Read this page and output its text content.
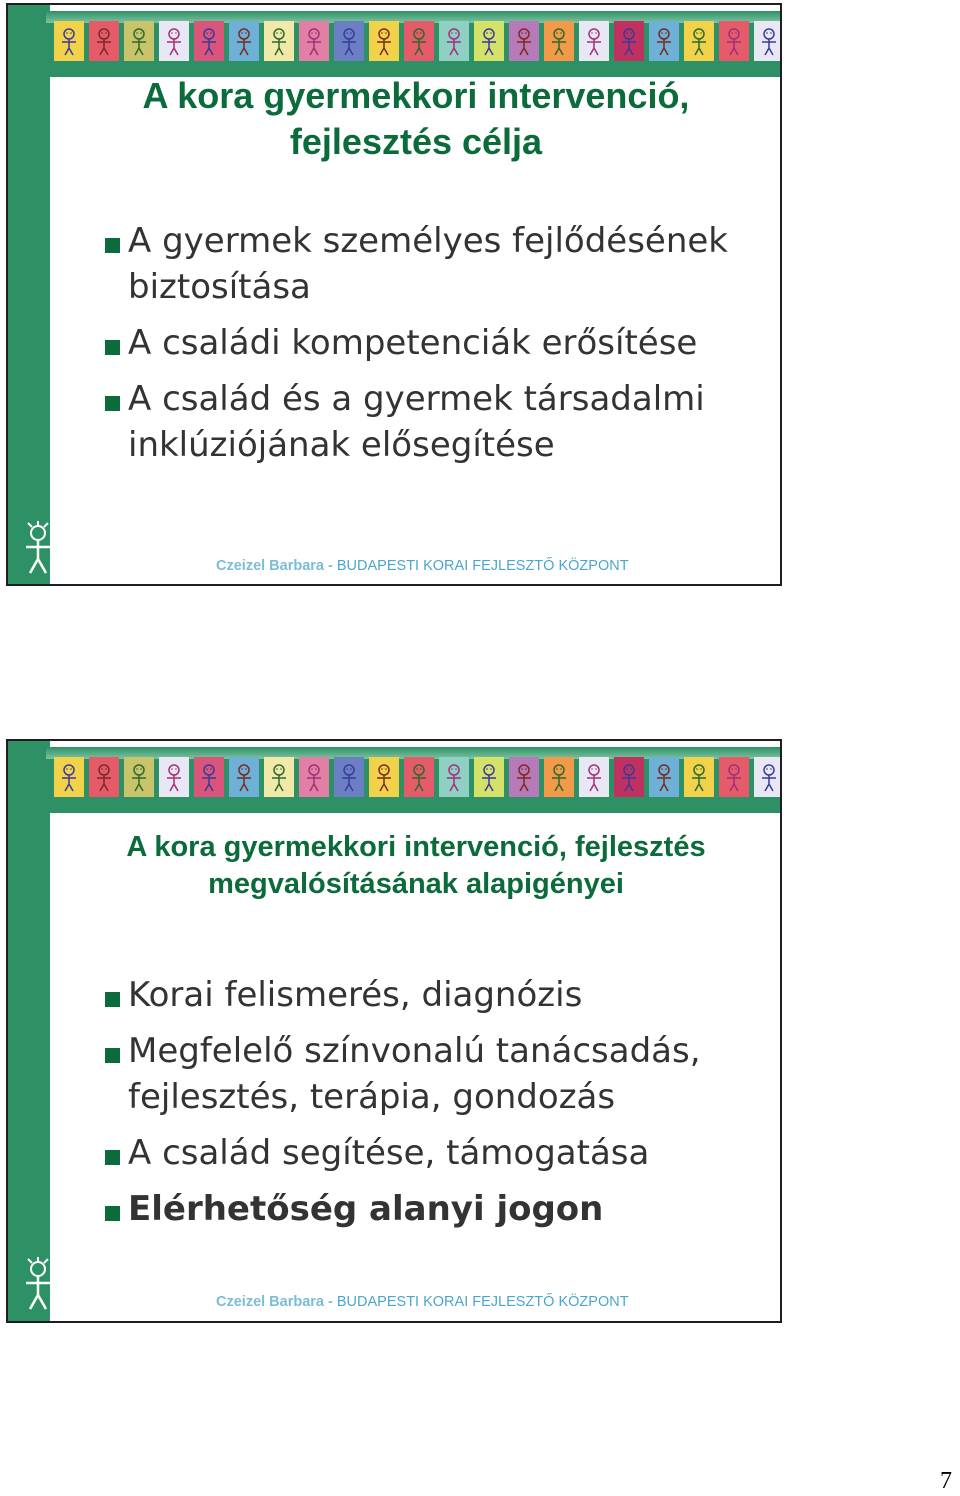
A kora gyermekkori intervenció, fejlesztés célja
A gyermek személyes fejlődésének biztosítása
A családi kompetenciák erősítése
A család és a gyermek társadalmi inklúziójának elősegítése
Budapesti
Korai
Fejlesztő
Központ	Czeizel Barbara - BUDAPESTI KORAI FEJLESZTŐ KÖZPONT
A kora gyermekkori intervenció, fejlesztés megvalósításának alapigényei
Korai felismerés, diagnózis
Megfelelő színvonalú tanácsadás, fejlesztés, terápia, gondozás
A család segítése, támogatása
Elérhetőség alanyi jogon
Budapesti
Korai
Fejlesztő
Központ	Czeizel Barbara - BUDAPESTI KORAI FEJLESZTŐ KÖZPONT
7
